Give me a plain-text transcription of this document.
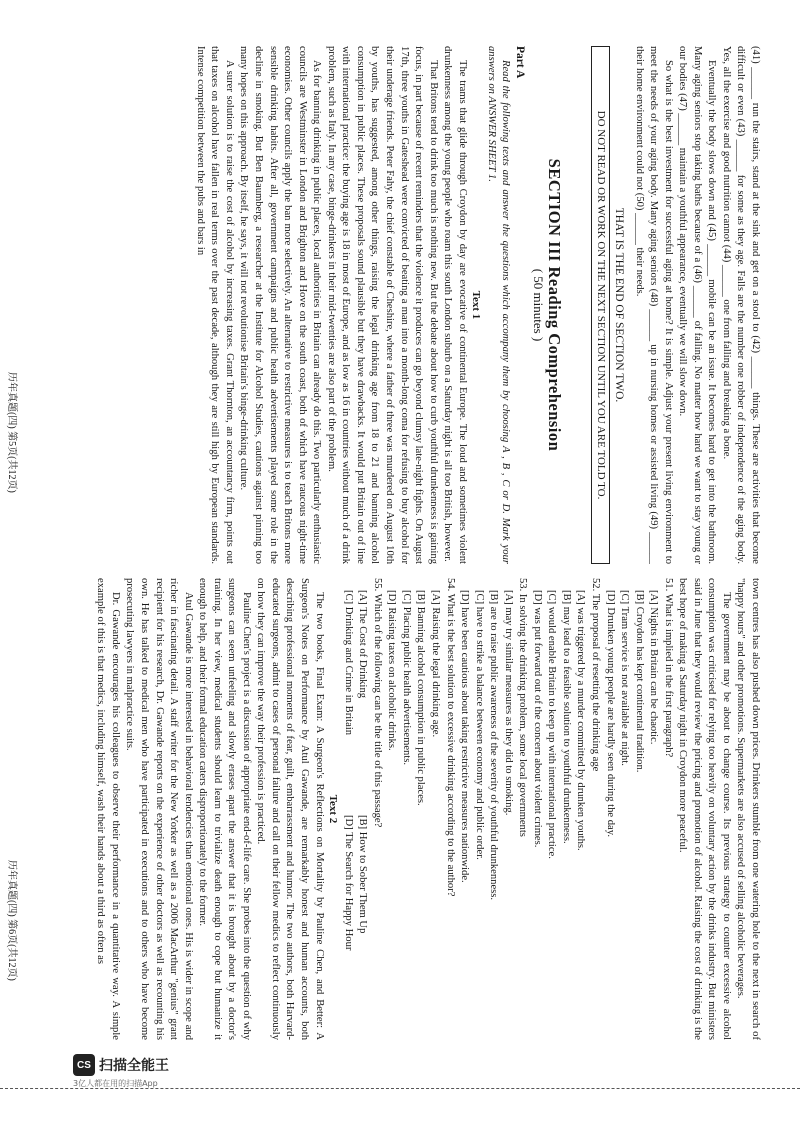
(41) ______ run the stairs, stand at the sink and get on a stool to (42) ______ things. These are activities that become difficult or even (43) ______ for some as they age. Falls are the number one robber of independence of the aging body. Yes, all the exercise and good nutrition cannot (44) ______ one from falling and breaking a bone.

Eventually the body slows down and (45) ______ mobile can be an issue. It becomes hard to get into the bathroom. Many aging seniors stop taking baths because of a (46) ______ of falling. No matter how hard we want to stay young or our bodies (47) ______ maintain a youthful appearance, eventually we will slow down.

So what is the best investment for successful aging at home? It is simple. Adjust your present living environment to meet the needs of your aging body. Many aging seniors (48) ______ up in nursing homes or assisted living (49) ______ their home environment could not (50) ______ their needs.

THAT IS THE END OF SECTION TWO.
DO NOT READ OR WORK ON THE NEXT SECTION UNTIL YOU ARE TOLD TO.
SECTION III Reading Comprehension
( 50 minutes )
Part A

Read the following texts and answer the questions which accompany them by choosing A , B , C or D. Mark your answers on ANSWER SHEET 1.

Text 1

The trams that glide through Croydon by day are evocative of continental Europe. The loud and sometimes violent drunkenness among the young people who roam this south London suburb on a Saturday night is all too British, however.

That Britons tend to drink too much is nothing new. But the debate about how to curb youthful drunkenness is gaining focus, in part because of recent reminders that the violence it produces can go beyond clumsy late-night fights. On August 17th, three youths in Gateshead were convicted of beating a man into a month-long coma for refusing to buy alcohol for their underage friends. Peter Fahy, the chief constable of Cheshire, where a father of three was murdered on August 10th by youths, has suggested, among other things, raising the legal drinking age from 18 to 21 and banning alcohol consumption in public places. These proposals sound plausible but they have drawbacks. It would put Britain out of line with international practice: the buying age is 18 in most of Europe, and as low as 16 in countries without much of a drink problem, such as Italy. In any case, binge-drinkers in their mid-twenties are also part of the problem.

As for banning drinking in public places, local authorities in Britain can already do this. Two particularly enthusiastic councils are Westminster in London and Brighton and Hove on the south coast, both of which have raucous night-time economies. Other councils apply the ban more selectively. An alternative to restrictive measures is to teach Britons more sensible drinking habits. After all, government campaigns and public health advertisements played some role in the decline in smoking. But Ben Baumberg, a researcher at the Institute for Alcohol Studies, cautions against pinning too many hopes on this approach. By itself, he says, it will not revolutionise Britain's binge-drinking culture.

A surer solution is to raise the cost of alcohol by increasing taxes. Grant Thornton, an accountancy firm, points out that taxes on alcohol have fallen in real terms over the past decade, although they are still high by European standards. Intense competition between the pubs and bars in

town centres has also pushed down prices. Drinkers stumble from one watering hole to the next in search of "happy hours" and other promotions. Supermarkets are also accused of selling alcoholic beverages.

The government may be about to change course. Its previous strategy to counter excessive alcohol consumption was criticised for relying too heavily on voluntary action by the drinks industry. But ministers said in June that they would review the pricing and promotion of alcohol. Raising the cost of drinking is the best hope of making a Saturday night in Croydon more peaceful.

51. What is implied in the first paragraph?

[A] Nights in Britain can be chaotic.

[B] Croydon has kept continental tradition.

[C] Tram service is not available at night.

[D] Drunken young people are hardly seen during the day.

52. The proposal of resetting the drinking age

[A] was triggered by a murder committed by drunken youths.

[B] may lead to a feasible solution to youthful drunkenness.

[C] would enable Britain to keep up with international practice.

[D] was put forward out of the concern about violent crimes.

53. In solving the drinking problem, some local governments

[A] may try similar measures as they did to smoking.

[B] are to raise public awareness of the severity of youthful drunkenness.

[C] have to strike a balance between economy and public order.

[D] have been cautious about taking restrictive measures nationwide.

54. What is the best solution to excessive drinking according to the author?

[A] Raising the legal drinking age.

[B] Banning alcohol consumption in public places.

[C] Placing public health advertisements.

[D] Raising taxes on alcoholic drinks.

55. Which of the following can be the title of this passage?

[A] The Cost of Drinking
[B] How to Sober Them Up
[C] Drinking and Crime in Britain
[D] The Search for Happy Hour
Text 2

The two books, Final Exam: A Surgeon's Reflections on Mortality by Pauline Chen, and Better: A Surgeon's Notes on Performance by Atul Gawande, are remarkably honest and human accounts, both describing professional moments of fear, guilt, embarrassment and humor. The two authors, both Harvard-educated surgeons, admit to cases of personal failure and call on their fellow medics to reflect continuously on how they can improve the way their profession is practiced.

Pauline Chen's project is a discussion of appropriate end-of-life care. She probes into the question of why surgeons can seem unfeeling and slowly erases apart the answer that it is brought about by a doctor's training. In her view, medical students should learn to trivialize death enough to cope but humanize it enough to help, and their formal education caters disproportionately to the former.

Atul Gawande is more interested in behavioral tendencies than emotional ones. His is wider in scope and richer in fascinating detail. A staff writer for the New Yorker as well as a 2006 MacArthur "genius" grant recipient for his research, Dr. Gawande reports on the experience of other doctors as well as recounting his own. He has talked to medical men who have participated in executions and to others who have become prosecuting lawyers in malpractice suits.

Dr. Gawande encourages his colleagues to observe their performance in a quantitative way. A simple example of this is that medics, including himself, wash their hands about a third as often as

历年真题(四) 第5页(共12页)
历年真题(四) 第6页(共12页)
CS 扫描全能王
3亿人都在用的扫描App
